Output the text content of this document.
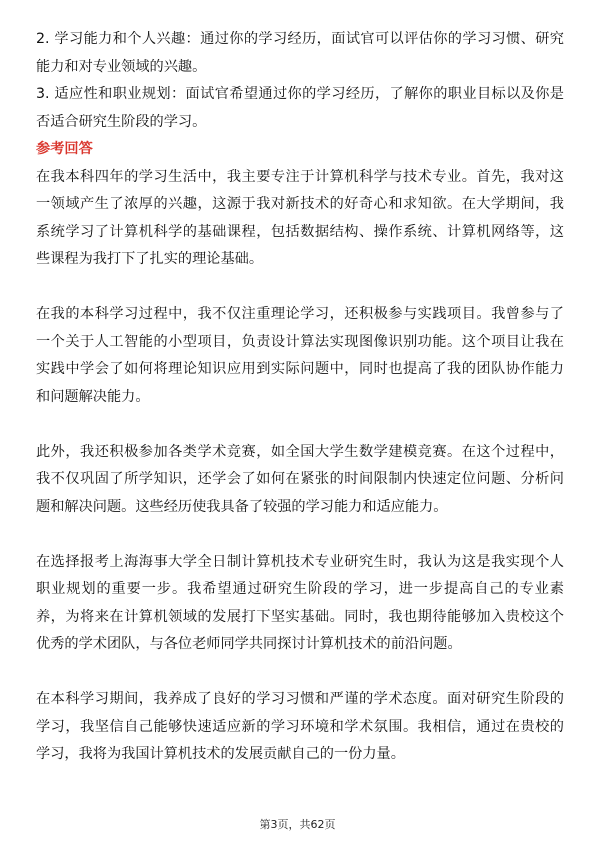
2. 学习能力和个人兴趣：通过你的学习经历，面试官可以评估你的学习习惯、研究
能力和对专业领域的兴趣。
3. 适应性和职业规划：面试官希望通过你的学习经历，了解你的职业目标以及你是
否适合研究生阶段的学习。
参考回答
在我本科四年的学习生活中，我主要专注于计算机科学与技术专业。首先，我对这
一领域产生了浓厚的兴趣，这源于我对新技术的好奇心和求知欲。在大学期间，我
系统学习了计算机科学的基础课程，包括数据结构、操作系统、计算机网络等，这
些课程为我打下了扎实的理论基础。
在我的本科学习过程中，我不仅注重理论学习，还积极参与实践项目。我曾参与了
一个关于人工智能的小型项目，负责设计算法实现图像识别功能。这个项目让我在
实践中学会了如何将理论知识应用到实际问题中，同时也提高了我的团队协作能力
和问题解决能力。
此外，我还积极参加各类学术竞赛，如全国大学生数学建模竞赛。在这个过程中，
我不仅巩固了所学知识，还学会了如何在紧张的时间限制内快速定位问题、分析问
题和解决问题。这些经历使我具备了较强的学习能力和适应能力。
在选择报考上海海事大学全日制计算机技术专业研究生时，我认为这是我实现个人
职业规划的重要一步。我希望通过研究生阶段的学习，进一步提高自己的专业素
养，为将来在计算机领域的发展打下坚实基础。同时，我也期待能够加入贵校这个
优秀的学术团队，与各位老师同学共同探讨计算机技术的前沿问题。
在本科学习期间，我养成了良好的学习习惯和严谨的学术态度。面对研究生阶段的
学习，我坚信自己能够快速适应新的学习环境和学术氛围。我相信，通过在贵校的
学习，我将为我国计算机技术的发展贡献自己的一份力量。
第3页，共62页
